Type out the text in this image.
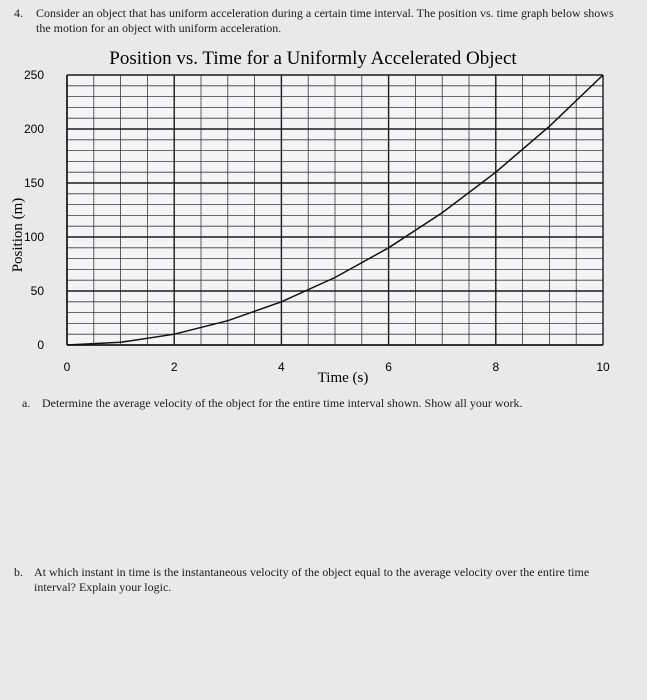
4. Consider an object that has uniform acceleration during a certain time interval. The position vs. time graph below shows the motion for an object with uniform acceleration.
Position vs. Time for a Uniformly Accelerated Object
0
50
100
150
200
250
0	2	4	6	8	10
Time (s)
Position (m)
a. Determine the average velocity of the object for the entire time interval shown. Show all your work.
b. At which instant in time is the instantaneous velocity of the object equal to the average velocity over the entire time interval? Explain your logic.
